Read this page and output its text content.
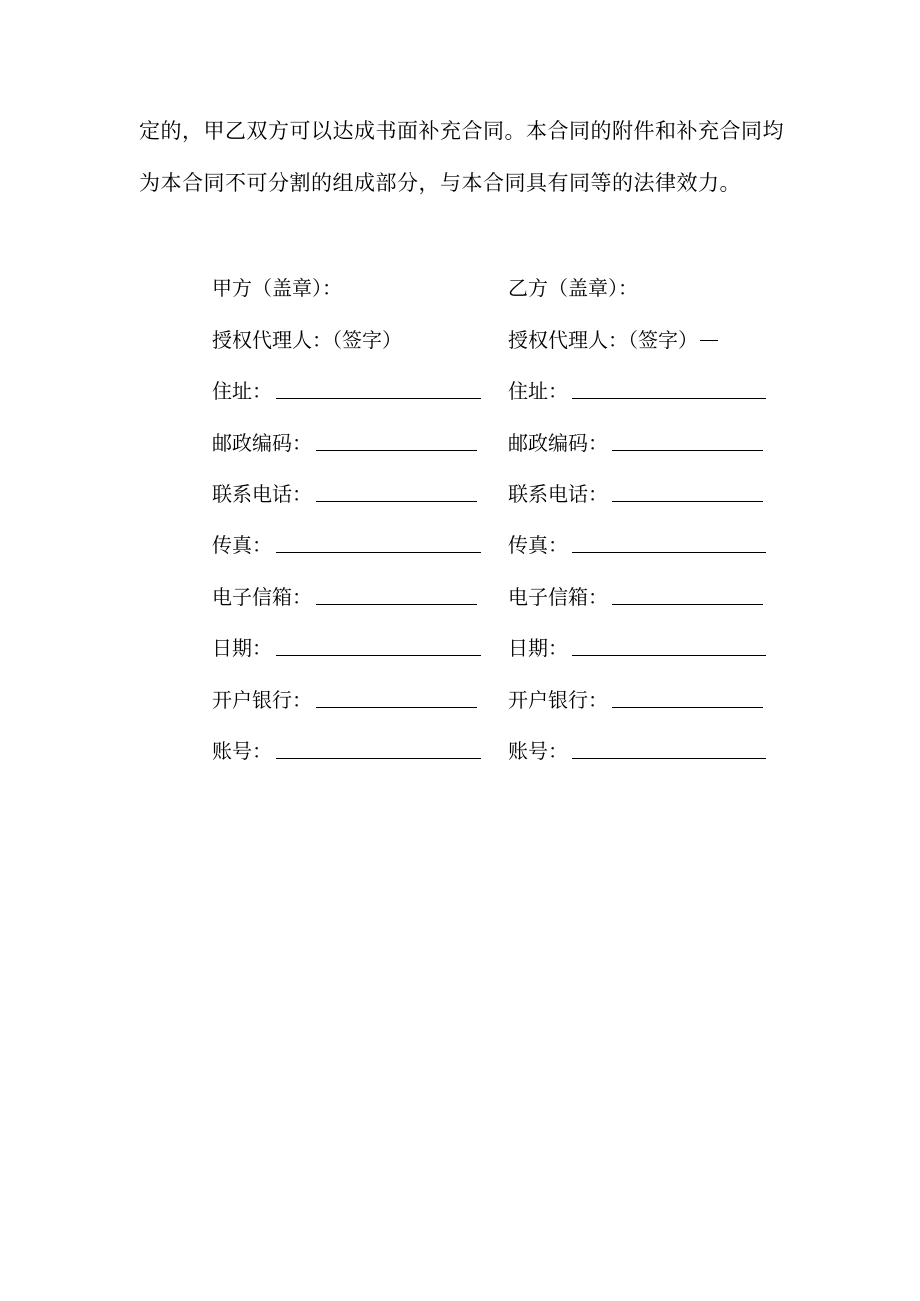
定的，甲乙双方可以达成书面补充合同。本合同的附件和补充合同均
为本合同不可分割的组成部分，与本合同具有同等的法律效力。
甲方（盖章）：
授权代理人：（签字）
住址：
邮政编码：
联系电话：
传真：
电子信箱：
日期：
开户银行：
账号：
乙方（盖章）：
授权代理人：（签字）
住址：
邮政编码：
联系电话：
传真：
电子信箱：
日期：
开户银行：
账号：
